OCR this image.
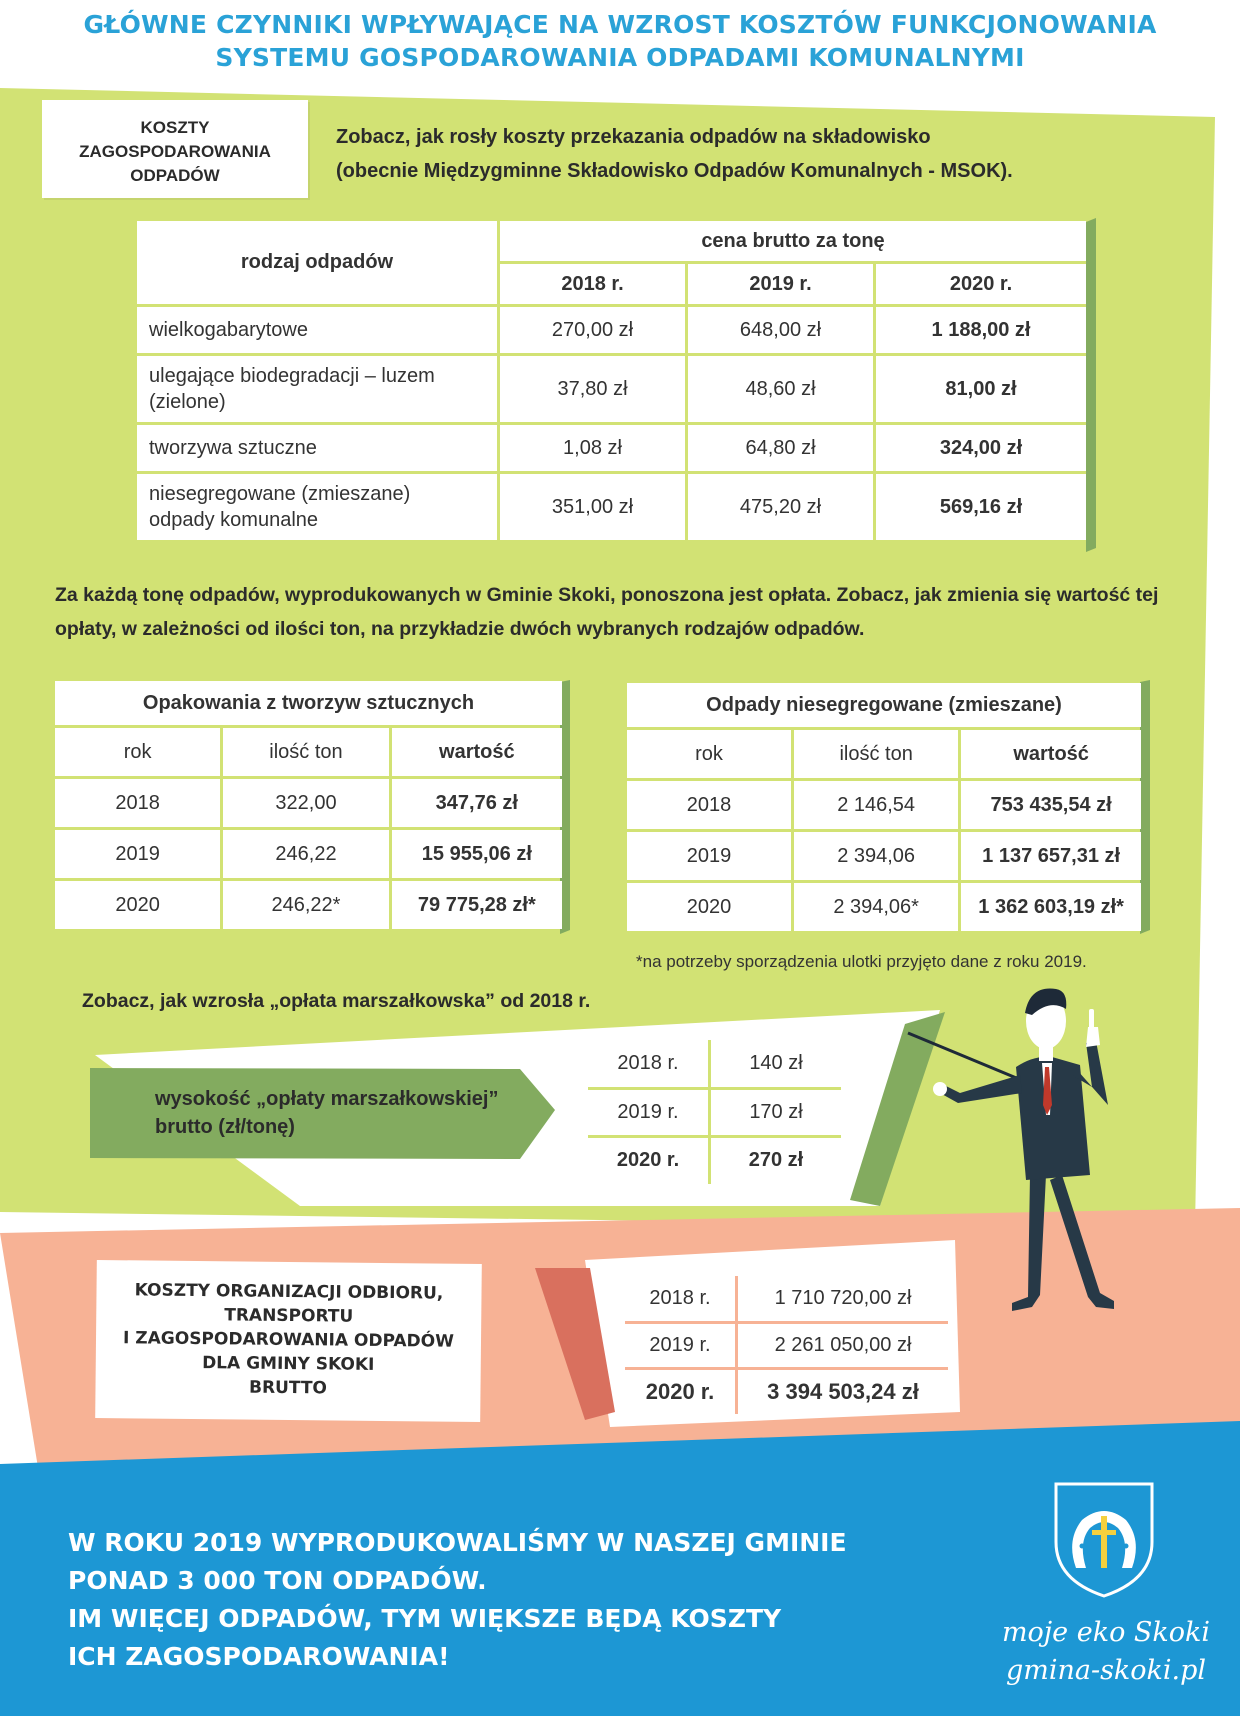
GŁÓWNE CZYNNIKI WPŁYWAJĄCE NA WZROST KOSZTÓW FUNKCJONOWANIA
SYSTEMU GOSPODAROWANIA ODPADAMI KOMUNALNYMI
KOSZTY
ZAGOSPODAROWANIA
ODPADÓW
Zobacz, jak rosły koszty przekazania odpadów na składowisko
(obecnie Międzygminne Składowisko Odpadów Komunalnych - MSOK).
rodzaj odpadów	cena brutto za tonę		
	2018 r.	2019 r.	2020 r.
wielkogabarytowe	270,00 zł	648,00 zł	1 188,00 zł

ulegające biodegradacji – luzem
(zielone)	37,80 zł	48,60 zł	81,00 zł
tworzywa sztuczne	1,08 zł	64,80 zł	324,00 zł

niesegregowane (zmieszane)
odpady komunalne	351,00 zł	475,20 zł	569,16 zł
Za każdą tonę odpadów, wyprodukowanych w Gminie Skoki, ponoszona jest opłata. Zobacz, jak zmienia się wartość tej
opłaty, w zależności od ilości ton, na przykładzie dwóch wybranych rodzajów odpadów.
Opakowania z tworzyw sztucznych		
rok	ilość ton	wartość
2018	322,00	347,76 zł
2019	246,22	15 955,06 zł
2020	246,22*	79 775,28 zł*
Odpady niesegregowane (zmieszane)		
rok	ilość ton	wartość
2018	2 146,54	753 435,54 zł
2019	2 394,06	1 137 657,31 zł
2020	2 394,06*	1 362 603,19 zł*
*na potrzeby sporządzenia ulotki przyjęto dane z roku 2019.
Zobacz, jak wzrosła „opłata marszałkowska” od 2018 r.
wysokość „opłaty marszałkowskiej”
brutto (zł/tonę)
2018 r.	140 zł
2019 r.	170 zł
2020 r.	270 zł
KOSZTY ORGANIZACJI ODBIORU,
TRANSPORTU
I ZAGOSPODAROWANIA ODPADÓW
DLA GMINY SKOKI
BRUTTO
2018 r.	1 710 720,00 zł
2019 r.	2 261 050,00 zł
2020 r.	3 394 503,24 zł
W ROKU 2019 WYPRODUKOWALIŚMY W NASZEJ GMINIE
PONAD 3 000 TON ODPADÓW.
IM WIĘCEJ ODPADÓW, TYM WIĘKSZE BĘDĄ KOSZTY
ICH ZAGOSPODAROWANIA!
moje eko Skoki
gmina-skoki.pl
